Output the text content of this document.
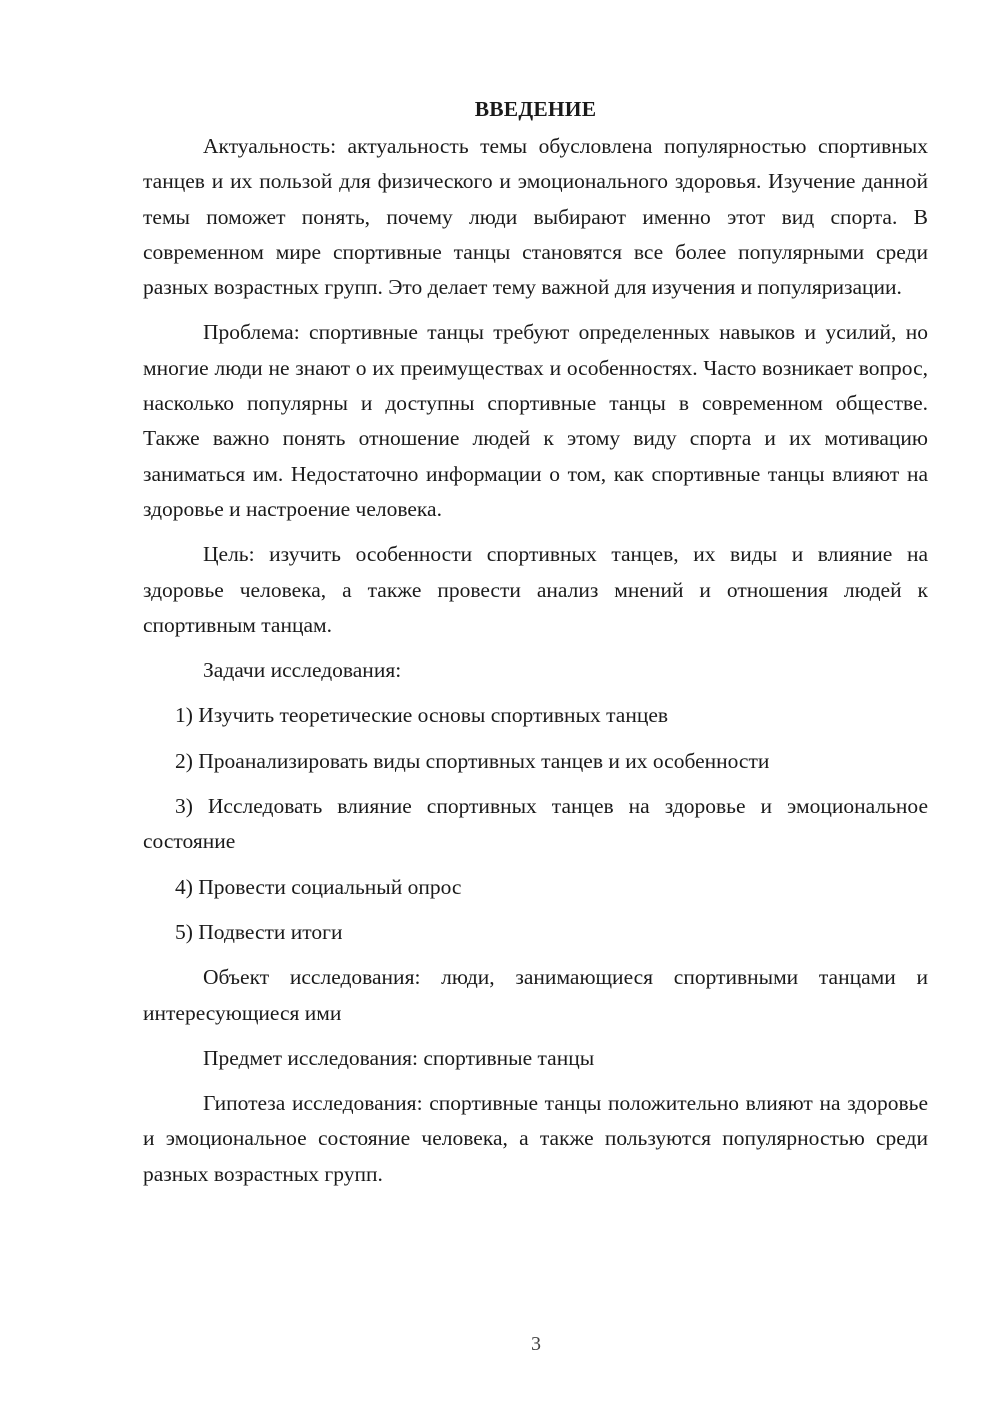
ВВЕДЕНИЕ

Актуальность: актуальность темы обусловлена популярностью спортивных танцев и их пользой для физического и эмоционального здоровья. Изучение данной темы поможет понять, почему люди выбирают именно этот вид спорта. В современном мире спортивные танцы становятся все более популярными среди разных возрастных групп. Это делает тему важной для изучения и популяризации.

Проблема: спортивные танцы требуют определенных навыков и усилий, но многие люди не знают о их преимуществах и особенностях. Часто возникает вопрос, насколько популярны и доступны спортивные танцы в современном обществе. Также важно понять отношение людей к этому виду спорта и их мотивацию заниматься им. Недостаточно информации о том, как спортивные танцы влияют на здоровье и настроение человека.

Цель: изучить особенности спортивных танцев, их виды и влияние на здоровье человека, а также провести анализ мнений и отношения людей к спортивным танцам.

Задачи исследования:

1) Изучить теоретические основы спортивных танцев

2) Проанализировать виды спортивных танцев и их особенности

3) Исследовать влияние спортивных танцев на здоровье и эмоциональное состояние

4) Провести социальный опрос

5) Подвести итоги

Объект исследования: люди, занимающиеся спортивными танцами и интересующиеся ими

Предмет исследования: спортивные танцы

Гипотеза исследования: спортивные танцы положительно влияют на здоровье и эмоциональное состояние человека, а также пользуются популярностью среди разных возрастных групп.

3
